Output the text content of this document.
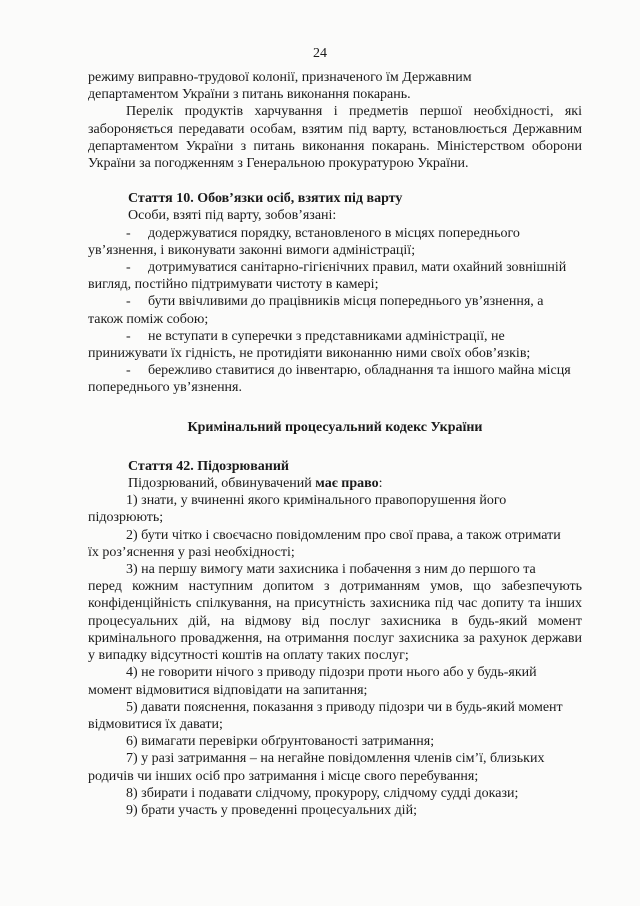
24

режиму виправно-трудової колонії, призначеного їм Державним

департаментом України з питань виконання покарань.

Перелік продуктів харчування і предметів першої необхідності, які забороняється передавати особам, взятим під варту, встановлюється Державним департаментом України з питань виконання покарань. Міністерством оборони України за погодженням з Генеральною прокуратурою України.

Стаття 10. Обов’язки осіб, взятих під варту

Особи, взяті під варту, зобов’язані:

-	додержуватися порядку, встановленого в місцях попереднього

ув’язнення, і виконувати законні вимоги адміністрації;

-	дотримуватися санітарно-гігієнічних правил, мати охайний зовнішній

вигляд, постійно підтримувати чистоту в камері;

-	бути ввічливими до працівників місця попереднього ув’язнення, а

також поміж собою;

-	не вступати в суперечки з представниками адміністрації, не

принижувати їх гідність, не протидіяти виконанню ними своїх обов’язків;

-	бережливо ставитися до інвентарю, обладнання та іншого майна місця

попереднього ув’язнення.

Кримінальний процесуальний кодекс України

Стаття 42. Підозрюваний

Підозрюваний, обвинувачений має право:

1) знати, у вчиненні якого кримінального правопорушення його

підозрюють;

2) бути чітко і своєчасно повідомленим про свої права, а також отримати

їх роз’яснення у разі необхідності;

3) на першу вимогу мати захисника і побачення з ним до першого та

перед кожним наступним допитом з дотриманням умов, що забезпечують конфіденційність спілкування, на присутність захисника під час допиту та інших процесуальних дій, на відмову від послуг захисника в будь-який момент кримінального провадження, на отримання послуг захисника за рахунок держави у випадку відсутності коштів на оплату таких послуг;

4) не говорити нічого з приводу підозри проти нього або у будь-який

момент відмовитися відповідати на запитання;

5) давати пояснення, показання з приводу підозри чи в будь-який момент

відмовитися їх давати;

6) вимагати перевірки обґрунтованості затримання;

7) у разі затримання – на негайне повідомлення членів сім’ї, близьких

родичів чи інших осіб про затримання і місце свого перебування;

8) збирати і подавати слідчому, прокурору, слідчому судді докази;

9) брати участь у проведенні процесуальних дій;
